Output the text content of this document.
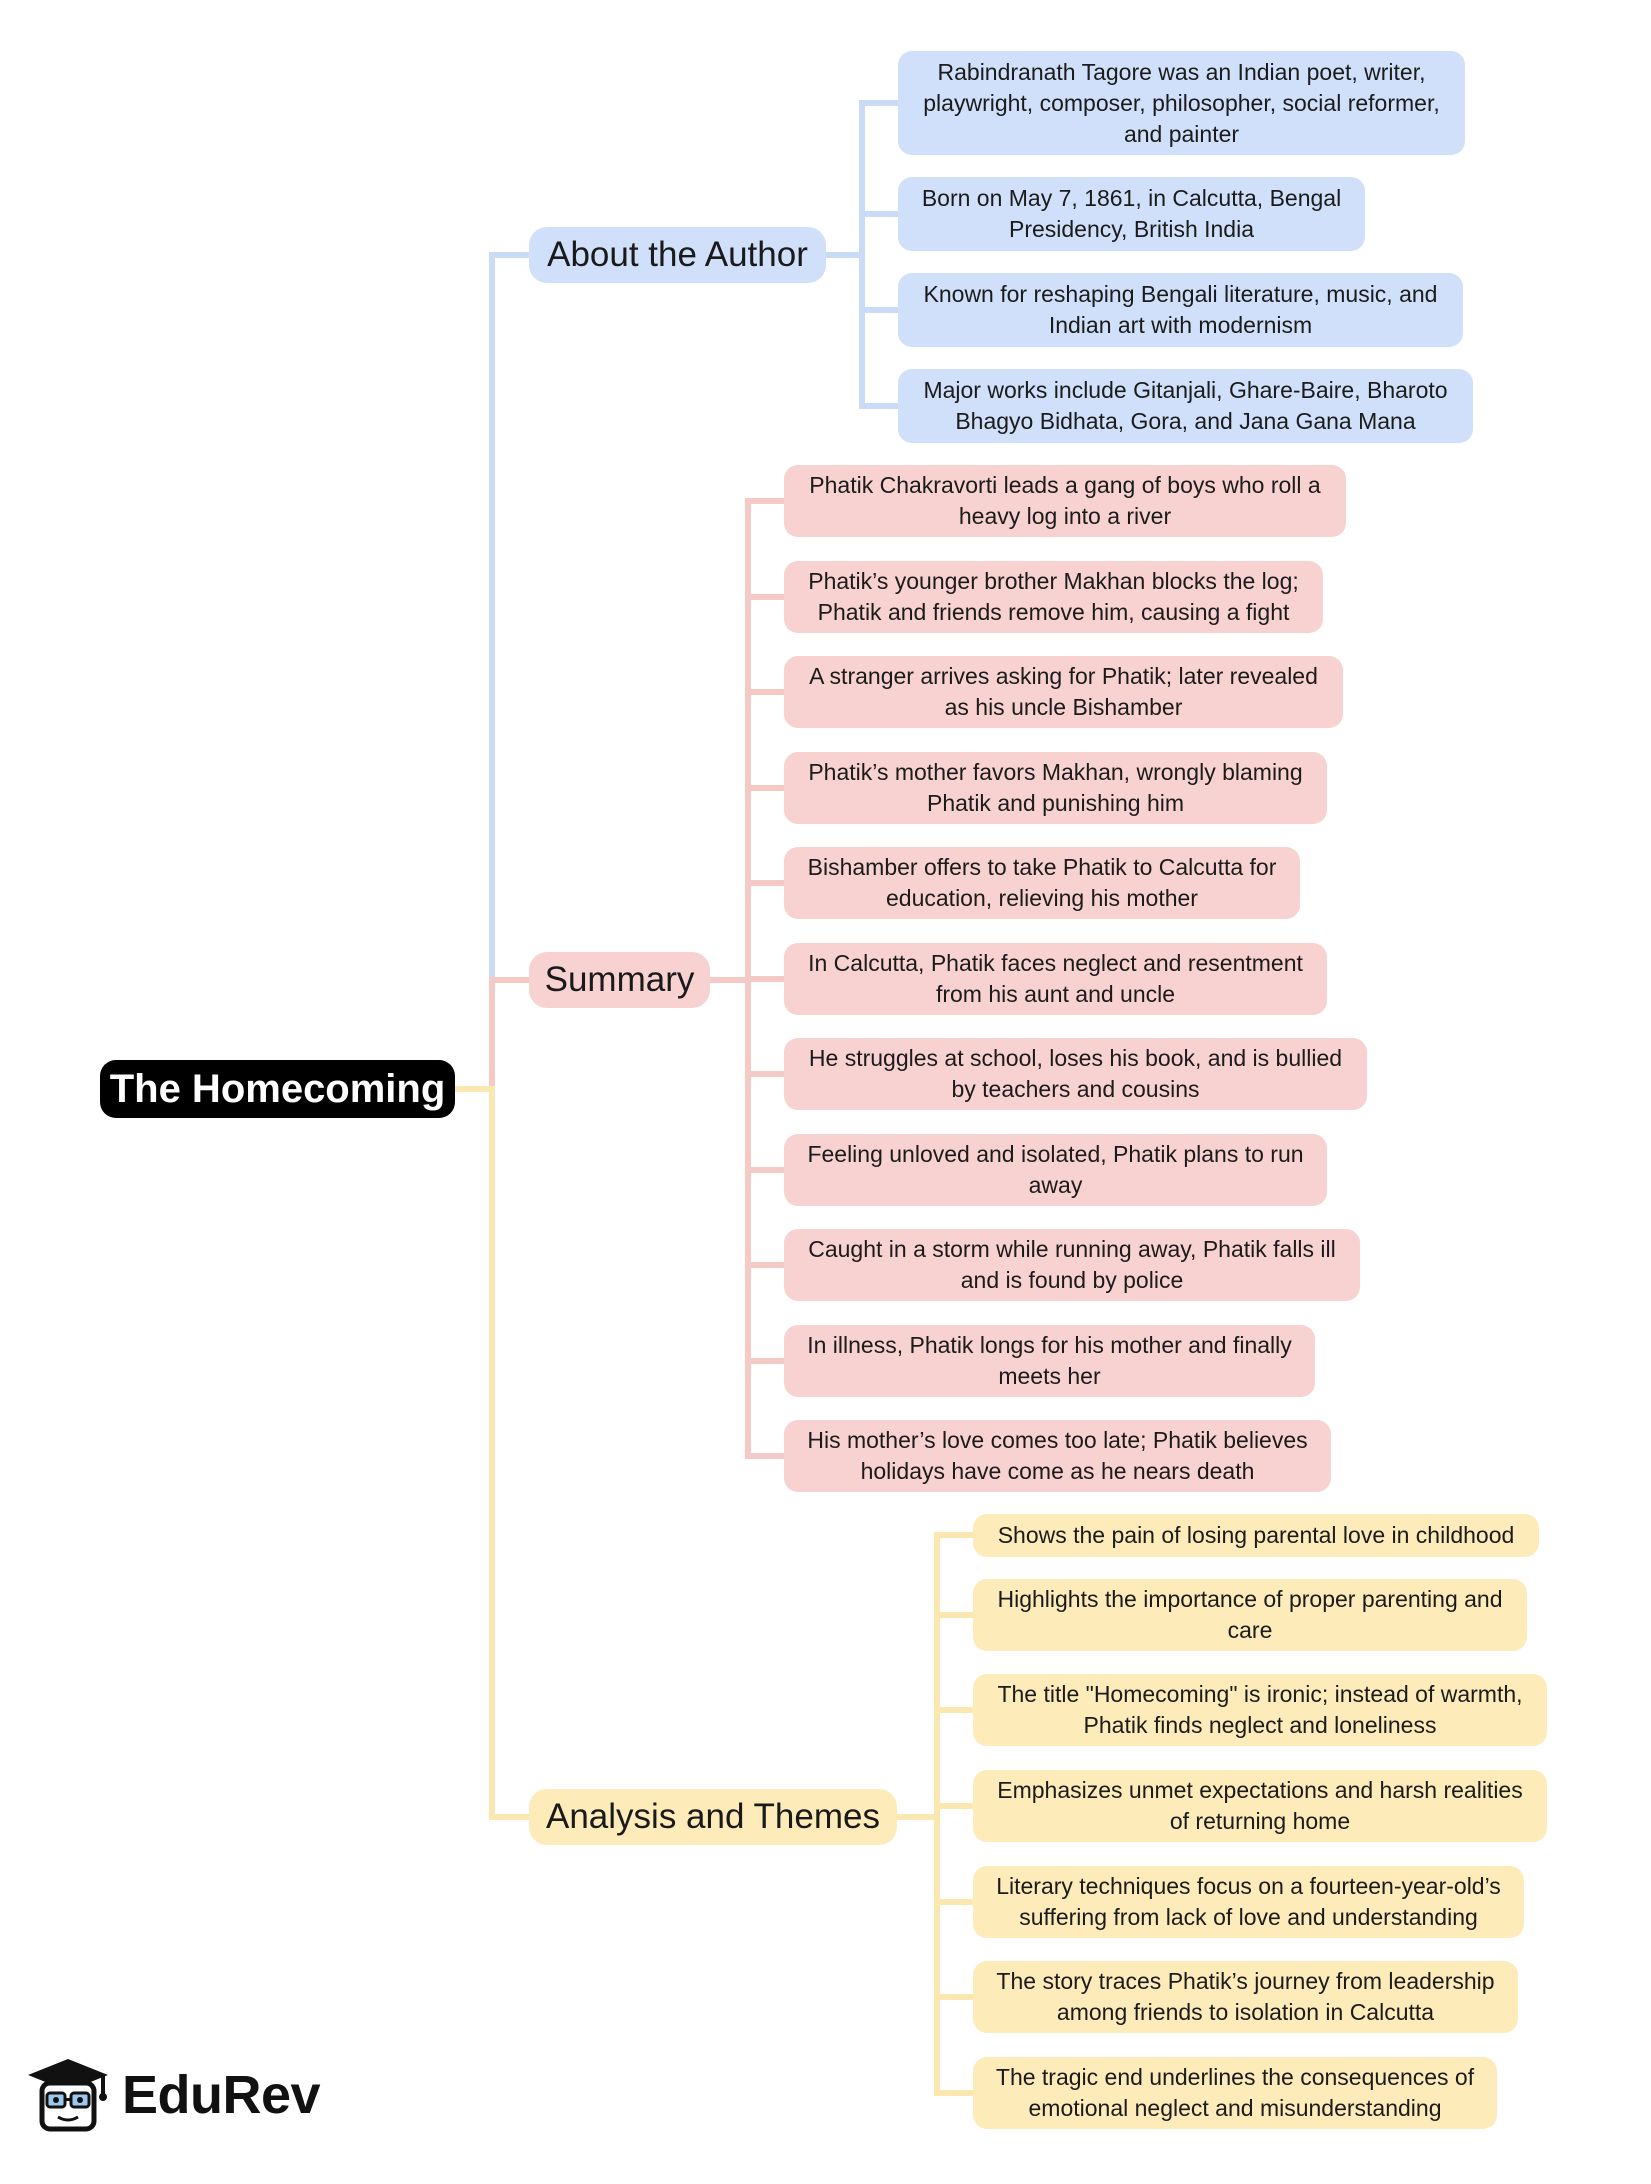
The Homecoming
About the Author
Rabindranath Tagore was an Indian poet, writer, playwright, composer, philosopher, social reformer, and painter
Born on May 7, 1861, in Calcutta, Bengal Presidency, British India
Known for reshaping Bengali literature, music, and Indian art with modernism
Major works include Gitanjali, Ghare-Baire, Bharoto Bhagyo Bidhata, Gora, and Jana Gana Mana
Summary
Phatik Chakravorti leads a gang of boys who roll a heavy log into a river
Phatik’s younger brother Makhan blocks the log; Phatik and friends remove him, causing a fight
A stranger arrives asking for Phatik; later revealed as his uncle Bishamber
Phatik’s mother favors Makhan, wrongly blaming Phatik and punishing him
Bishamber offers to take Phatik to Calcutta for education, relieving his mother
In Calcutta, Phatik faces neglect and resentment from his aunt and uncle
He struggles at school, loses his book, and is bullied by teachers and cousins
Feeling unloved and isolated, Phatik plans to run away
Caught in a storm while running away, Phatik falls ill and is found by police
In illness, Phatik longs for his mother and finally meets her
His mother’s love comes too late; Phatik believes holidays have come as he nears death
Analysis and Themes
Shows the pain of losing parental love in childhood
Highlights the importance of proper parenting and care
The title "Homecoming" is ironic; instead of warmth, Phatik finds neglect and loneliness
Emphasizes unmet expectations and harsh realities of returning home
Literary techniques focus on a fourteen-year-old’s suffering from lack of love and understanding
The story traces Phatik’s journey from leadership among friends to isolation in Calcutta
The tragic end underlines the consequences of emotional neglect and misunderstanding
EduRev
